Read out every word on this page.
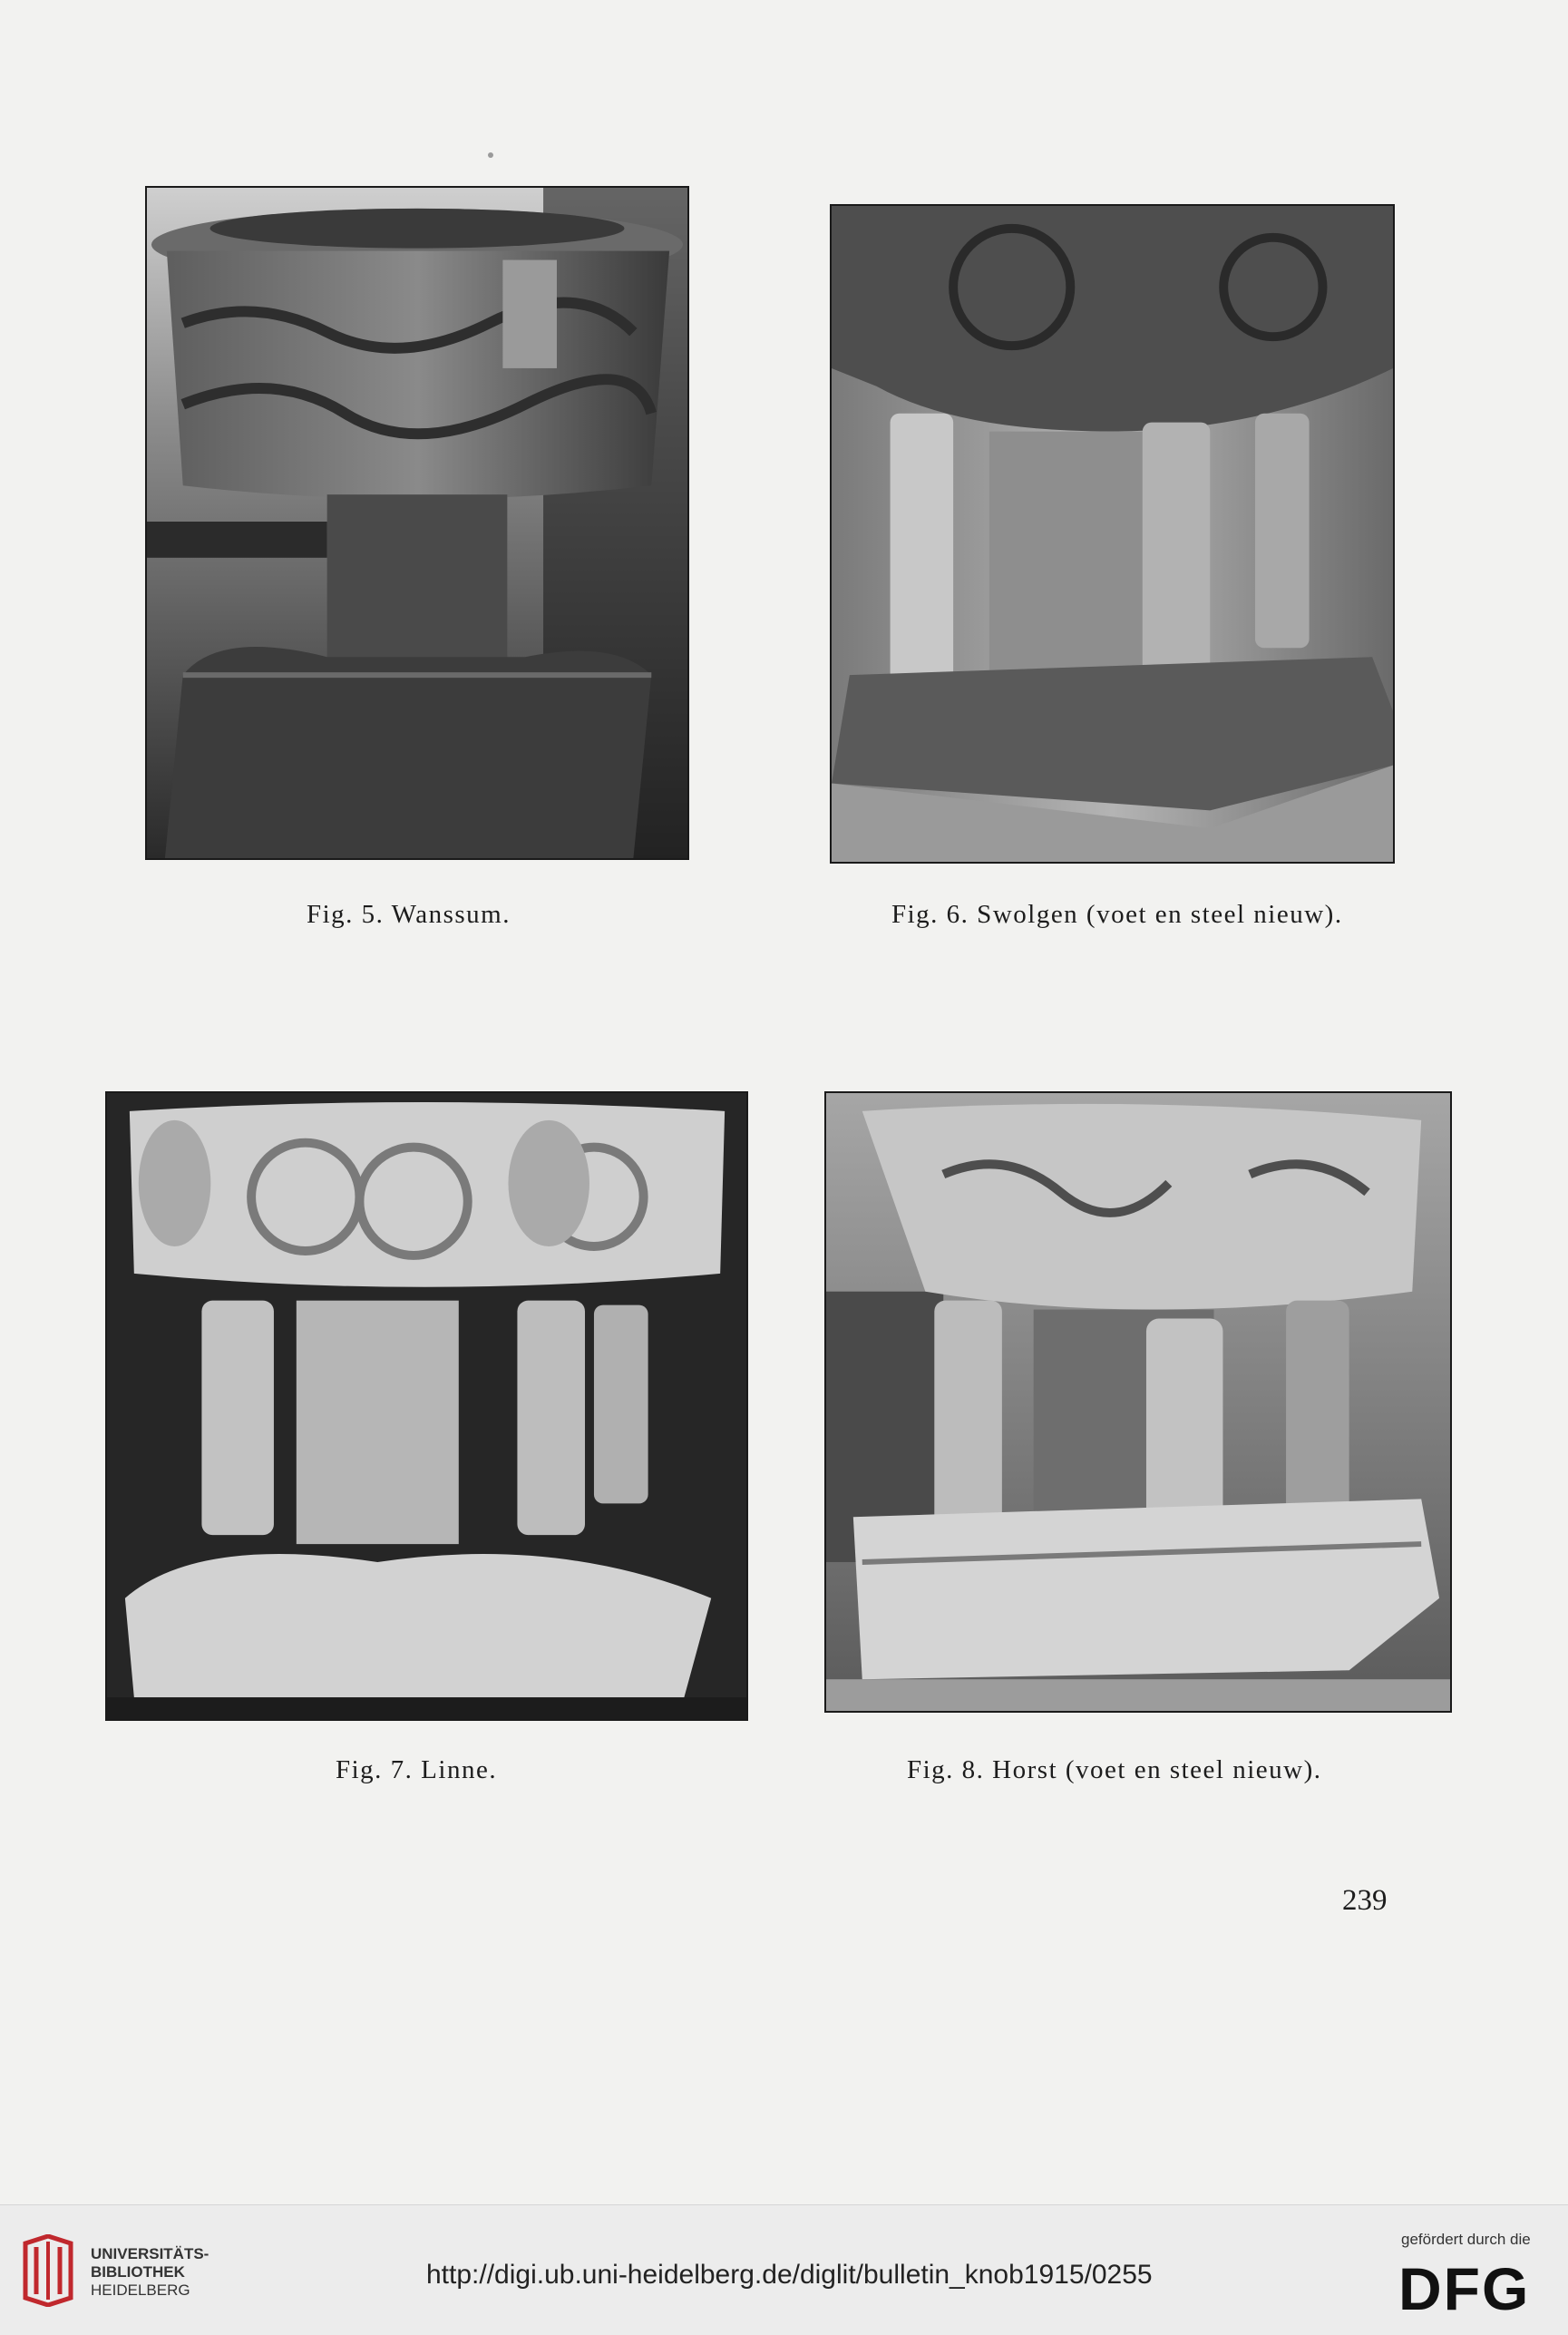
Fig. 5. Wanssum.	Fig. 6. Swolgen (voet en steel nieuw).
Fig. 7. Linne.	Fig. 8. Horst (voet en steel nieuw).
239
UNIVERSITÄTS-
BIBLIOTHEK
HEIDELBERG
http://digi.ub.uni-heidelberg.de/diglit/bulletin_knob1915/0255
gefördert durch die
DFG
